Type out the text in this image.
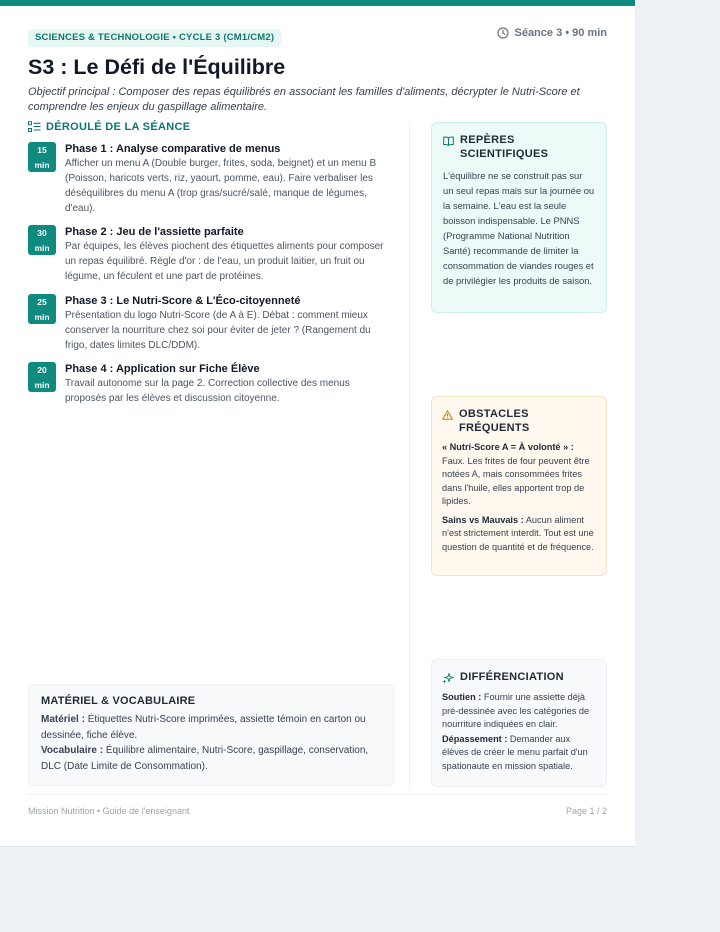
SCIENCES & TECHNOLOGIE • CYCLE 3 (CM1/CM2)	Séance 3 • 90 min
S3 : Le Défi de l'Équilibre

Objectif principal : Composer des repas équilibrés en associant les familles d'aliments, décrypter le Nutri-Score et comprendre les enjeux du gaspillage alimentaire.

DÉROULÉ DE LA SÉANCE
15
min

Phase 1 : Analyse comparative de menus

Afficher un menu A (Double burger, frites, soda, beignet) et un menu B (Poisson, haricots verts, riz, yaourt, pomme, eau). Faire verbaliser les déséquilibres du menu A (trop gras/sucré/salé, manque de légumes, d'eau).

30
min

Phase 2 : Jeu de l'assiette parfaite

Par équipes, les élèves piochent des étiquettes aliments pour composer un repas équilibré. Règle d'or : de l'eau, un produit laitier, un fruit ou légume, un féculent et une part de protéines.

25
min

Phase 3 : Le Nutri-Score & L'Éco-citoyenneté

Présentation du logo Nutri-Score (de A à E). Débat : comment mieux conserver la nourriture chez soi pour éviter de jeter ? (Rangement du frigo, dates limites DLC/DDM).

20
min

Phase 4 : Application sur Fiche Élève

Travail autonome sur la page 2. Correction collective des menus proposés par les élèves et discussion citoyenne.

REPÈRES SCIENTIFIQUES

L'équilibre ne se construit pas sur un seul repas mais sur la journée ou la semaine. L'eau est la seule boisson indispensable. Le PNNS (Programme National Nutrition Santé) recommande de limiter la consommation de viandes rouges et de privilégier les produits de saison.

OBSTACLES FRÉQUENTS

« Nutri-Score A = À volonté » : Faux. Les frites de four peuvent être notées A, mais consommées frites dans l'huile, elles apportent trop de lipides.

Sains vs Mauvais : Aucun aliment n'est strictement interdit. Tout est une question de quantité et de fréquence.

DIFFÉRENCIATION

Soutien : Fournir une assiette déjà pré-dessinée avec les catégories de nourriture indiquées en clair.

Dépassement : Demander aux élèves de créer le menu parfait d'un spationaute en mission spatiale.

MATÉRIEL & VOCABULAIRE

Matériel : Étiquettes Nutri-Score imprimées, assiette témoin en carton ou dessinée, fiche élève.

Vocabulaire : Équilibre alimentaire, Nutri-Score, gaspillage, conservation, DLC (Date Limite de Consommation).

Mission Nutrition • Guide de l'enseignant	Page 1 / 2
